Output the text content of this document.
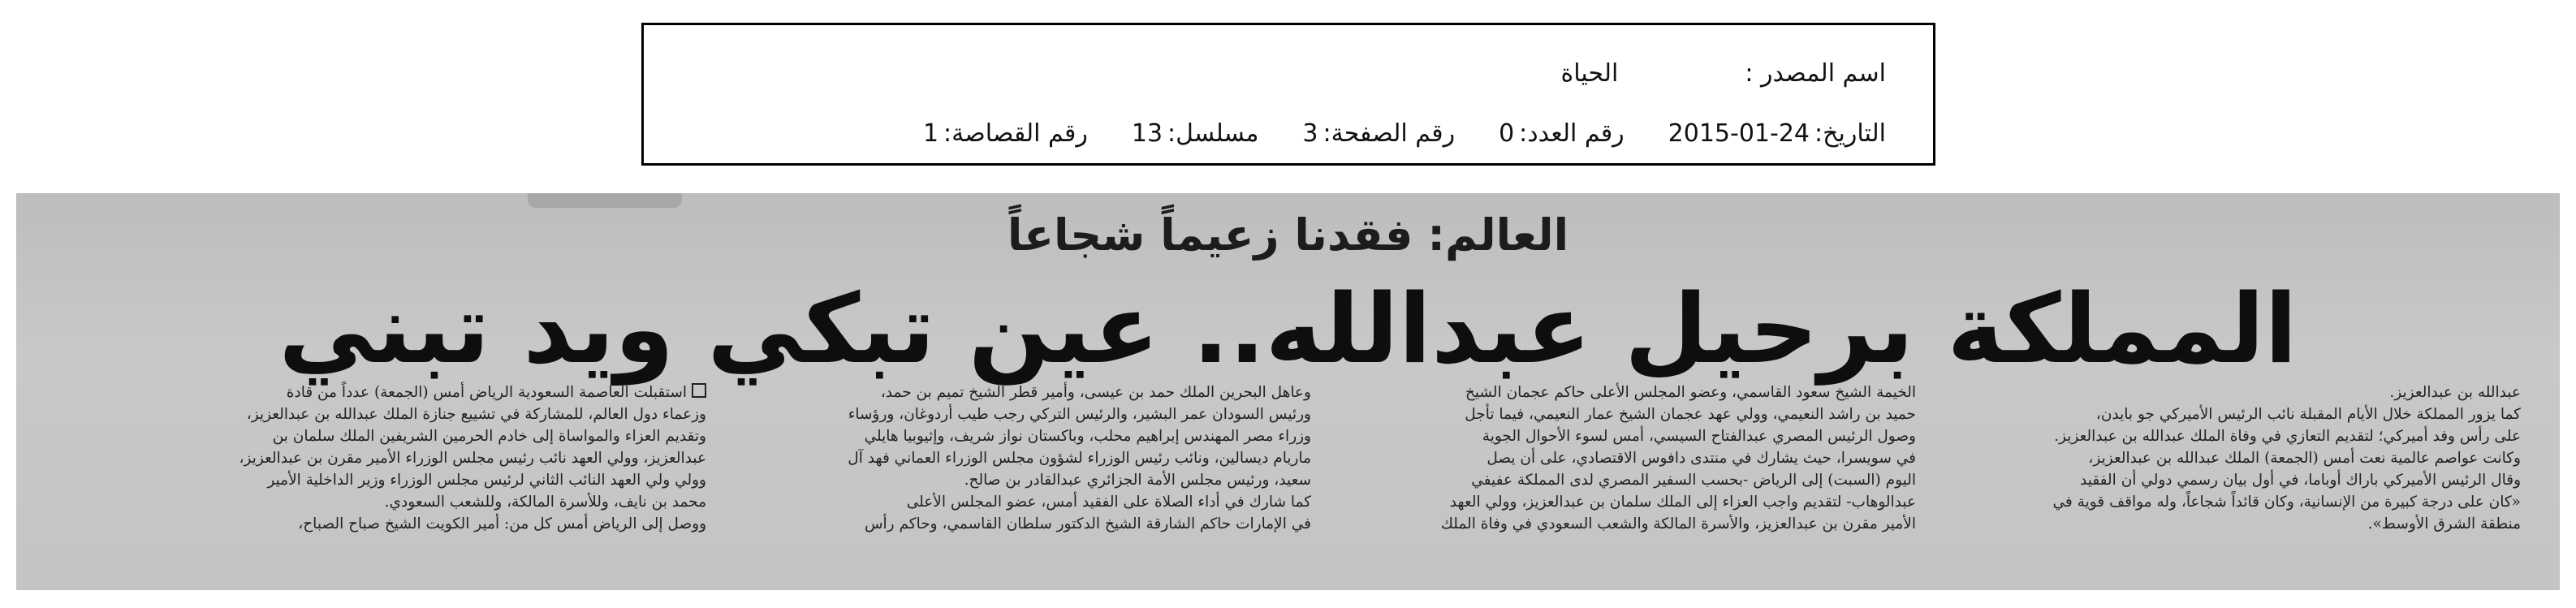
اسم المصدر :
الحياة
التاريخ:
2015-01-24
رقم العدد:
0
رقم الصفحة:
3
مسلسل:
13
رقم القصاصة:
1
العالم:فقدنا زعيماً شجاعاً
المملكة برحيل عبدالله.. عين تبكي ويد تبني
استقبلت العاصمة السعودية الرياض أمس (الجمعة) عدداً من قادة
وزعماء دول العالم، للمشاركة في تشييع جنازة الملك عبدالله بن عبدالعزيز،
وتقديم العزاء والمواساة إلى خادم الحرمين الشريفين الملك سلمان بن
عبدالعزيز، وولي العهد نائب رئيس مجلس الوزراء الأمير مقرن بن عبدالعزيز،
وولي ولي العهد النائب الثاني لرئيس مجلس الوزراء وزير الداخلية الأمير
محمد بن نايف، وللأسرة المالكة، وللشعب السعودي.
ووصل إلى الرياض أمس كل من: أمير الكويت الشيخ صباح الصباح،
وعاهل البحرين الملك حمد بن عيسى، وأمير قطر الشيخ تميم بن حمد،
ورئيس السودان عمر البشير، والرئيس التركي رجب طيب أردوغان، ورؤساء
وزراء مصر المهندس إبراهيم محلب، وباكستان نواز شريف، وإثيوبيا هايلي
ماريام ديسالين، ونائب رئيس الوزراء لشؤون مجلس الوزراء العماني فهد آل
سعيد، ورئيس مجلس الأمة الجزائري عبدالقادر بن صالح.
كما شارك في أداء الصلاة على الفقيد أمس، عضو المجلس الأعلى
في الإمارات حاكم الشارقة الشيخ الدكتور سلطان القاسمي، وحاكم رأس
الخيمة الشيخ سعود القاسمي، وعضو المجلس الأعلى حاكم عجمان الشيخ
حميد بن راشد النعيمي، وولي عهد عجمان الشيخ عمار النعيمي، فيما تأجل
وصول الرئيس المصري عبدالفتاح السيسي، أمس لسوء الأحوال الجوية
في سويسرا، حيث يشارك في منتدى دافوس الاقتصادي، على أن يصل
اليوم (السبت) إلى الرياض -بحسب السفير المصري لدى المملكة عفيفي
عبدالوهاب- لتقديم واجب العزاء إلى الملك سلمان بن عبدالعزيز، وولي العهد
الأمير مقرن بن عبدالعزيز، والأسرة المالكة والشعب السعودي في وفاة الملك
عبدالله بن عبدالعزيز.
كما يزور المملكة خلال الأيام المقبلة نائب الرئيس الأميركي جو بايدن،
على رأس وفد أميركي؛ لتقديم التعازي في وفاة الملك عبدالله بن عبدالعزيز.
وكانت عواصم عالمية نعت أمس (الجمعة) الملك عبدالله بن عبدالعزيز،
وقال الرئيس الأميركي باراك أوباما، في أول بيان رسمي دولي أن الفقيد
«كان على درجة كبيرة من الإنسانية، وكان قائداً شجاعاً، وله مواقف قوية في
منطقة الشرق الأوسط».
